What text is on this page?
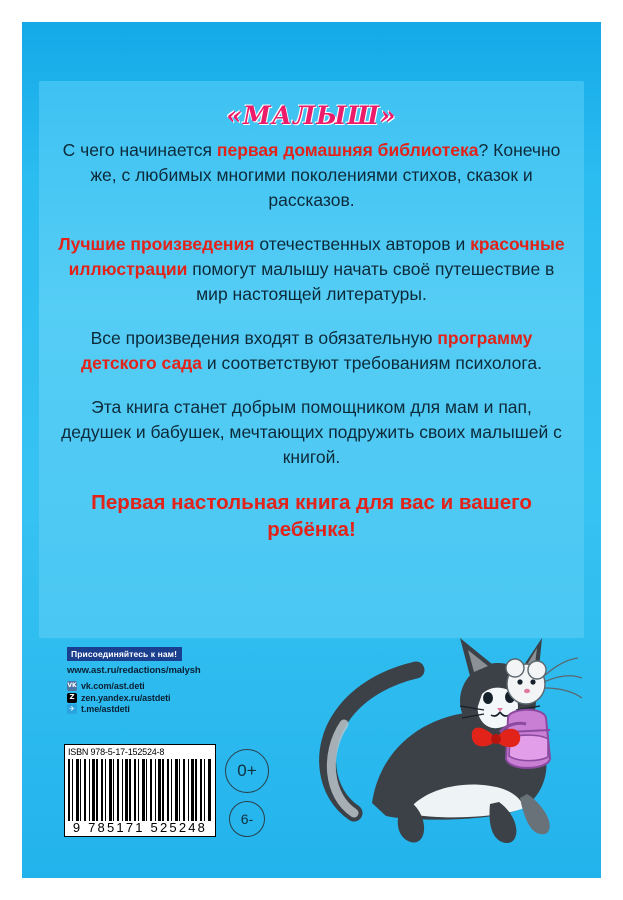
«МАЛЫШ»

С чего начинается первая домашняя библиотека? Конечно же, с любимых многими поколениями стихов, сказок и рассказов.

Лучшие произведения отечественных авторов и красочные иллюстрации помогут малышу начать своё путешествие в мир настоящей литературы.

Все произведения входят в обязательную программу детского сада и соответствуют требованиям психолога.

Эта книга станет добрым помощником для мам и пап, дедушек и бабушек, мечтающих подружить своих малышей с книгой.

Первая настольная книга для вас и вашего ребёнка!

Присоединяйтесь к нам!
www.ast.ru/redactions/malysh
VK vk.com/ast.deti
Z zen.yandex.ru/astdeti
✈ t.me/astdeti
ISBN 978-5-17-152524-8
9 785171 525248
0+
6-
